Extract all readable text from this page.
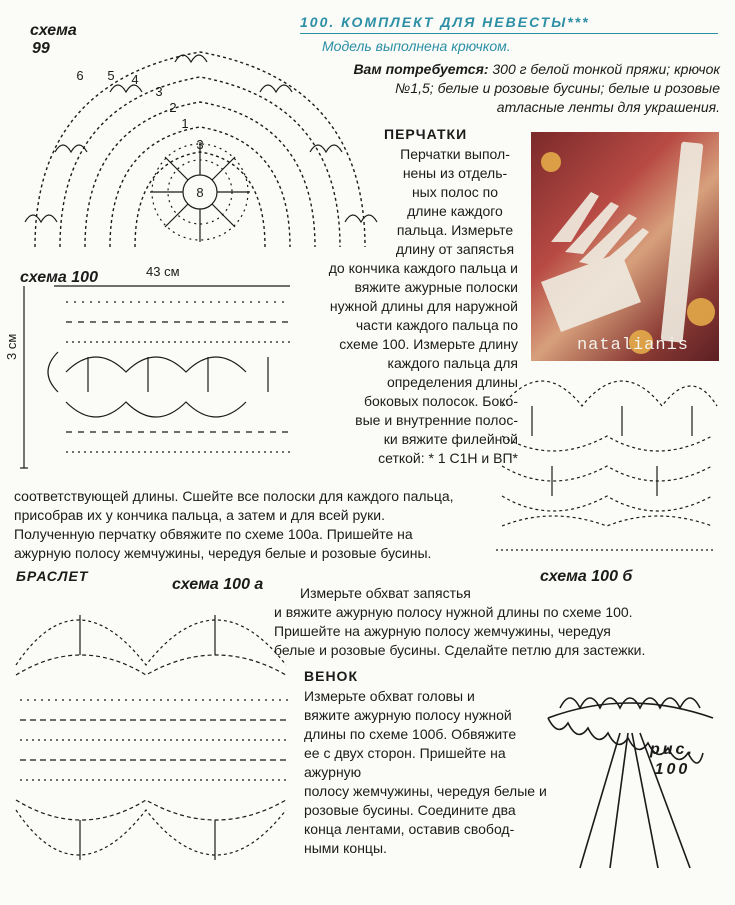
100. КОМПЛЕКТ ДЛЯ НЕВЕСТЫ***
Модель выполнена крючком.
Вам потребуется: 300 г белой тонкой пряжи; крючок №1,5; белые и розовые бусины; белые и розовые атласные ленты для украшения.
схема
99
6 5 4
3
2
1
3
8
natalianis
ПЕРЧАТКИ
Перчатки выпол-
нены из отдель-
ных полос по
длине каждого
пальца. Измерьте
длину от запястья
до кончика каждого пальца и
вяжите ажурные полоски
нужной длины для наружной
части каждого пальца по
схеме 100. Измерьте длину
каждого пальца для
определения длины
боковых полосок. Боко-
вые и внутренние полос-
ки вяжите филейной
сеткой: * 1 С1Н и ВП*
соответствующей длины. Сшейте все полоски для каждого пальца,
присобрав их у кончика пальца, а затем и для всей руки.
Полученную перчатку обвяжите по схеме 100а. Пришейте на
ажурную полосу жемчужины, чередуя белые и розовые бусины.
схема 100	43 см
3 см
БРАСЛЕТ	схема 100 а	схема 100 б
Измерьте обхват запястья
и вяжите ажурную полосу нужной длины по схеме 100.
Пришейте на ажурную полосу жемчужины, чередуя
белые и розовые бусины. Сделайте петлю для застежки.
ВЕНОК
Измерьте обхват головы и
вяжите ажурную полосу нужной
длины по схеме 100б. Обвяжите
ее с двух сторон. Пришейте на ажурную
полосу жемчужины, чередуя белые и
розовые бусины. Соедините два
конца лентами, оставив свобод-
ными концы.
рис.
100
